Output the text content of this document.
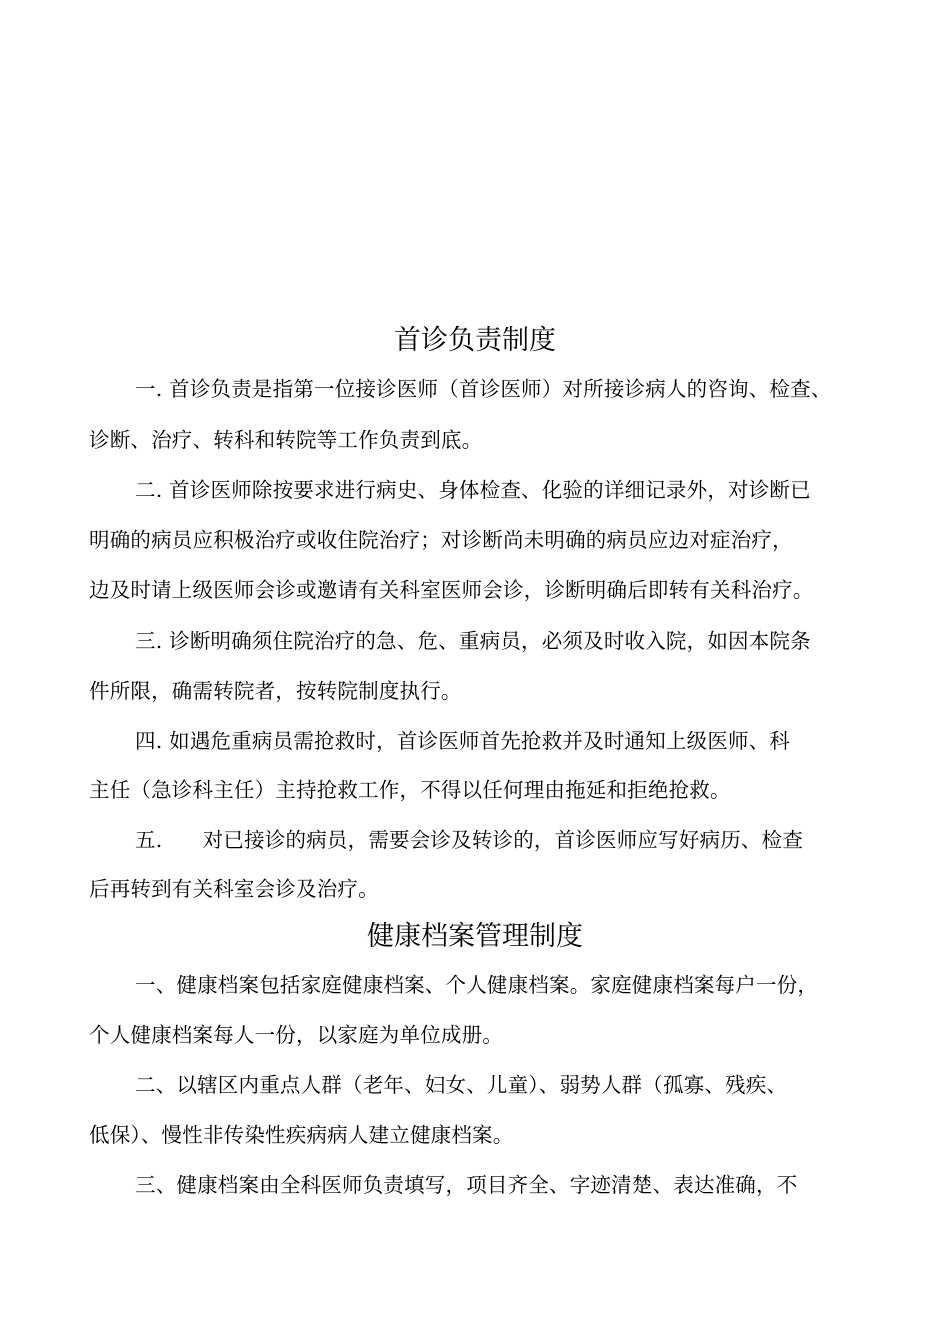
首诊负责制度
一. 首诊负责是指第一位接诊医师（首诊医师）对所接诊病人的咨询、检查、
诊断、治疗、转科和转院等工作负责到底。
二. 首诊医师除按要求进行病史、身体检查、化验的详细记录外，对诊断已
明确的病员应积极治疗或收住院治疗；对诊断尚未明确的病员应边对症治疗，
边及时请上级医师会诊或邀请有关科室医师会诊，诊断明确后即转有关科治疗。
三. 诊断明确须住院治疗的急、危、重病员，必须及时收入院，如因本院条
件所限，确需转院者，按转院制度执行。
四. 如遇危重病员需抢救时，首诊医师首先抢救并及时通知上级医师、科
主任（急诊科主任）主持抢救工作，不得以任何理由拖延和拒绝抢救。
五.      对已接诊的病员，需要会诊及转诊的，首诊医师应写好病历、检查
后再转到有关科室会诊及治疗。
健康档案管理制度
一、健康档案包括家庭健康档案、个人健康档案。家庭健康档案每户一份，
个人健康档案每人一份，以家庭为单位成册。
二、以辖区内重点人群（老年、妇女、儿童）、弱势人群（孤寡、残疾、
低保）、慢性非传染性疾病病人建立健康档案。
三、健康档案由全科医师负责填写，项目齐全、字迹清楚、表达准确，不
